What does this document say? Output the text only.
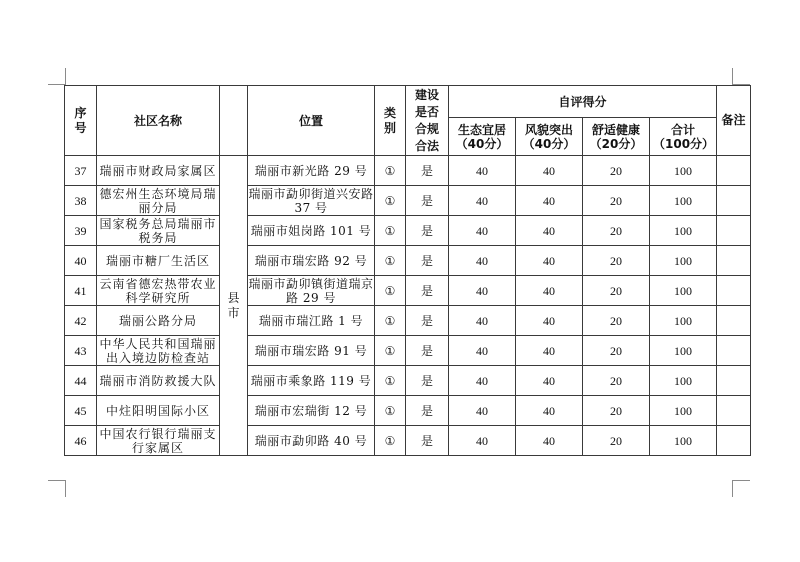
序号	社区名称		位置	类别	建设是否合规合法	自评得分				备注
						生态宜居（40分）	风貌突出（40分）	舒适健康（20分）	合计（100分）	
37	瑞丽市财政局家属区	县市	瑞丽市新光路 29 号	①	是	40	40	20	100	
38	德宏州生态环境局瑞丽分局		瑞丽市勐卯街道兴安路 37 号	①	是	40	40	20	100	
39	国家税务总局瑞丽市税务局		瑞丽市姐岗路 101 号	①	是	40	40	20	100	
40	瑞丽市糖厂生活区		瑞丽市瑞宏路 92 号	①	是	40	40	20	100	
41	云南省德宏热带农业科学研究所		瑞丽市勐卯镇街道瑞京路 29 号	①	是	40	40	20	100	
42	瑞丽公路分局		瑞丽市瑞江路 1 号	①	是	40	40	20	100	
43	中华人民共和国瑞丽出入境边防检查站		瑞丽市瑞宏路 91 号	①	是	40	40	20	100	
44	瑞丽市消防救援大队		瑞丽市乘象路 119 号	①	是	40	40	20	100	
45	中炷阳明国际小区		瑞丽市宏瑞街 12 号	①	是	40	40	20	100	
46	中国农行银行瑞丽支行家属区		瑞丽市勐卯路 40 号	①	是	40	40	20	100	
